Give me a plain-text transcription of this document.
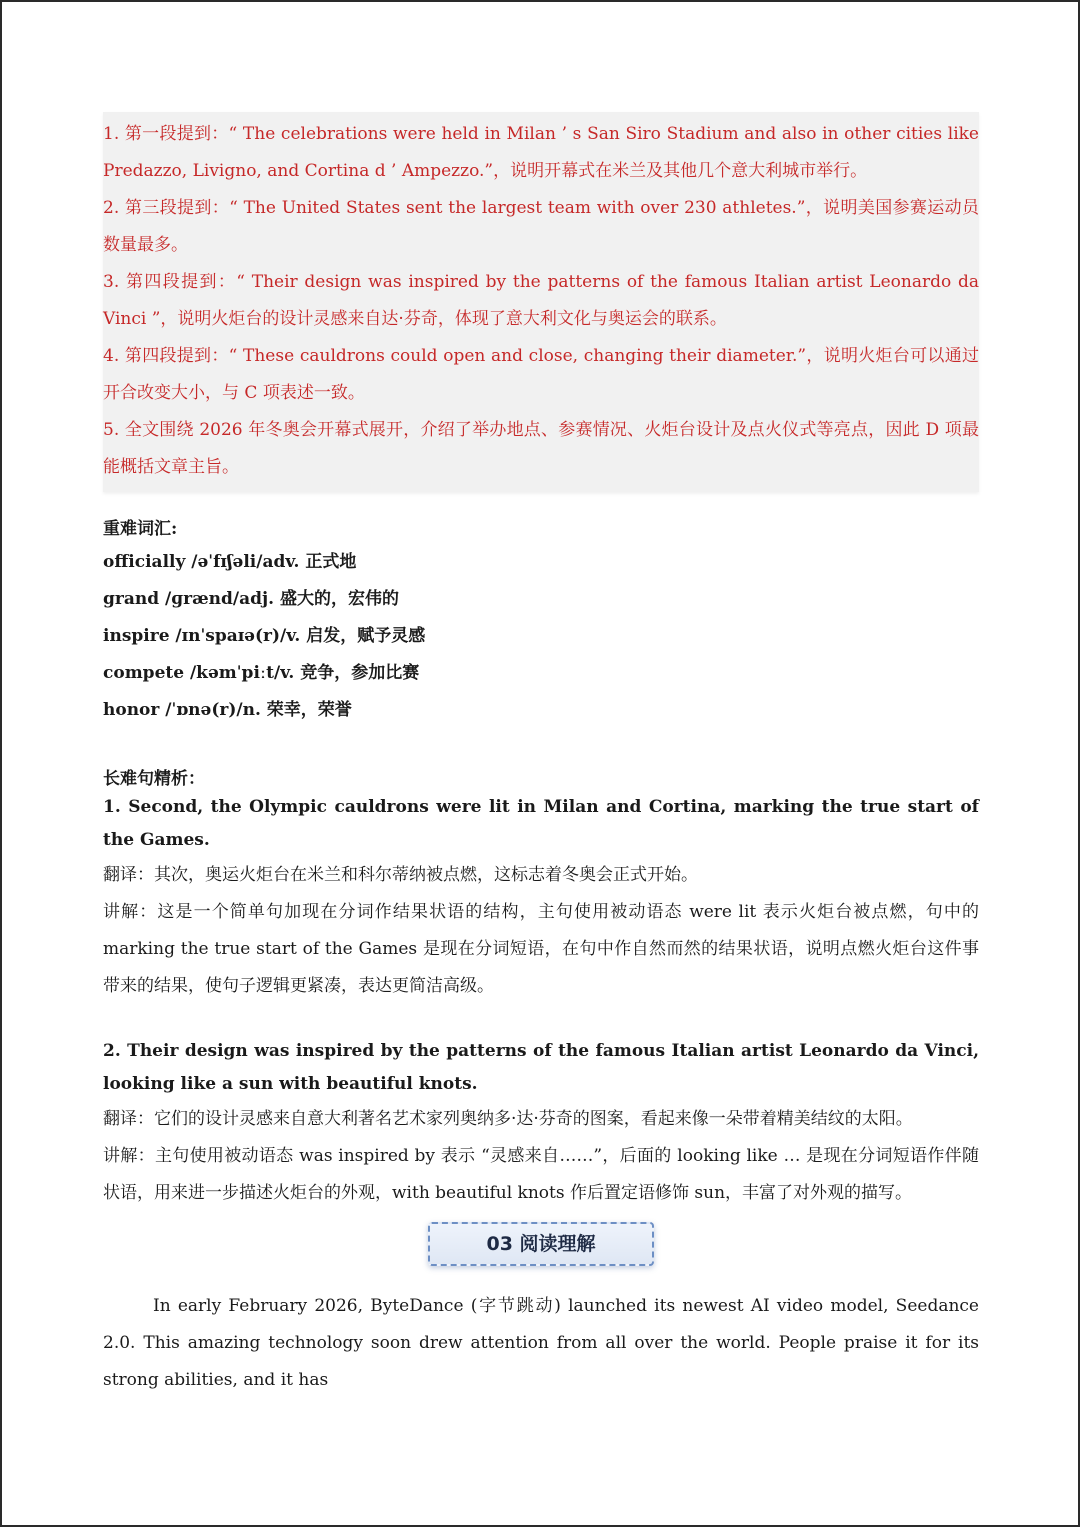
1. 第一段提到：“ The celebrations were held in Milan ’ s San Siro Stadium and also in other cities like Predazzo, Livigno, and Cortina d ’ Ampezzo.”，说明开幕式在米兰及其他几个意大利城市举行。

2. 第三段提到：“ The United States sent the largest team with over 230 athletes.”，说明美国参赛运动员数量最多。

3. 第四段提到：“ Their design was inspired by the patterns of the famous Italian artist Leonardo da Vinci ”，说明火炬台的设计灵感来自达·芬奇，体现了意大利文化与奥运会的联系。

4. 第四段提到：“ These cauldrons could open and close, changing their diameter.”，说明火炬台可以通过开合改变大小，与 C 项表述一致。

5. 全文围绕 2026 年冬奥会开幕式展开，介绍了举办地点、参赛情况、火炬台设计及点火仪式等亮点，因此 D 项最能概括文章主旨。

重难词汇:

officially /əˈfɪʃəli/adv. 正式地

grand /ɡrænd/adj. 盛大的，宏伟的

inspire /ɪnˈspaɪə(r)/v. 启发，赋予灵感

compete /kəmˈpiːt/v. 竞争，参加比赛

honor /ˈɒnə(r)/n. 荣幸，荣誉

长难句精析：

1. Second, the Olympic cauldrons were lit in Milan and Cortina, marking the true start of the Games.

翻译：其次，奥运火炬台在米兰和科尔蒂纳被点燃，这标志着冬奥会正式开始。

讲解：这是一个简单句加现在分词作结果状语的结构，主句使用被动语态 were lit 表示火炬台被点燃，句中的 marking the true start of the Games 是现在分词短语，在句中作自然而然的结果状语，说明点燃火炬台这件事带来的结果，使句子逻辑更紧凑，表达更简洁高级。

2. Their design was inspired by the patterns of the famous Italian artist Leonardo da Vinci, looking like a sun with beautiful knots.

翻译：它们的设计灵感来自意大利著名艺术家列奥纳多·达·芬奇的图案，看起来像一朵带着精美结纹的太阳。

讲解：主句使用被动语态 was inspired by 表示 “灵感来自……”，后面的 looking like … 是现在分词短语作伴随状语，用来进一步描述火炬台的外观，with beautiful knots 作后置定语修饰 sun，丰富了对外观的描写。

03 阅读理解

In early February 2026, ByteDance (字节跳动) launched its newest AI video model, Seedance 2.0. This amazing technology soon drew attention from all over the world. People praise it for its strong abilities, and it has
